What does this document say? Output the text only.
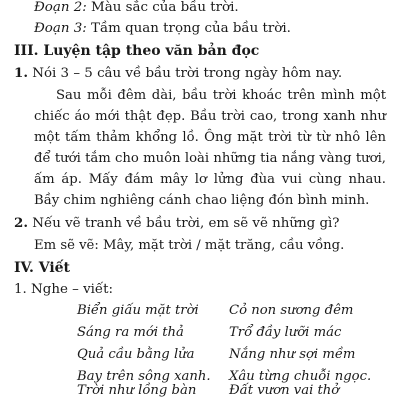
Đoạn 2: Màu sắc của bầu trời.
Đoạn 3: Tầm quan trọng của bầu trời.
III. Luyện tập theo văn bản đọc
1. Nói 3 – 5 câu về bầu trời trong ngày hôm nay.
Sau mỗi đêm dài, bầu trời khoác trên mình một chiếc áo mới thật đẹp. Bầu trời cao, trong xanh như một tấm thảm khổng lồ. Ông mặt trời từ từ nhô lên để tưới tắm cho muôn loài những tia nắng vàng tươi, ấm áp. Mấy đám mây lơ lửng đùa vui cùng nhau. Bầy chim nghiêng cánh chao liệng đón bình minh.
2. Nếu vẽ tranh về bầu trời, em sẽ vẽ những gì?
Em sẽ vẽ: Mây, mặt trời / mặt trăng, cầu vồng.
IV. Viết
1. Nghe – viết:
Biển giấu mặt trời Cỏ non sương đêm
Sáng ra mới thả	Trổ đầy lưỡi mác
Quả cầu bằng lửa	Nắng như sợi mềm
Bay trên sông xanh. Xâu từng chuỗi ngọc.
Trời như lồng bàn Đất vươn vai thở
